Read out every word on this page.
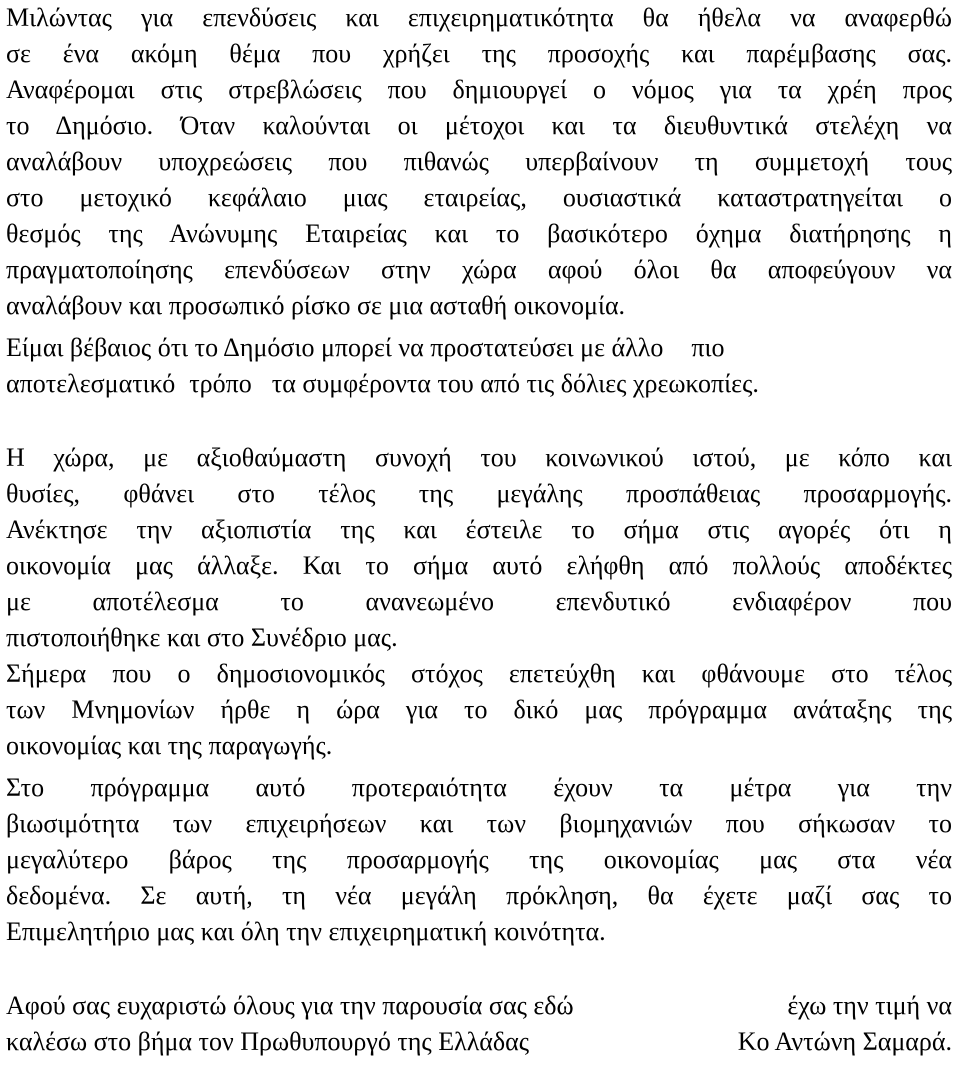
Μιλώντας για επενδύσεις και επιχειρηματικότητα θα ήθελα να αναφερθώ
σε ένα ακόμη θέμα που χρήζει της προσοχής και παρέμβασης σας.
Αναφέρομαι στις στρεβλώσεις που δημιουργεί ο νόμος για τα χρέη προς
το Δημόσιο. Όταν καλούνται οι μέτοχοι και τα διευθυντικά στελέχη να
αναλάβουν υποχρεώσεις που πιθανώς υπερβαίνουν τη συμμετοχή τους
στο μετοχικό κεφάλαιο μιας εταιρείας, ουσιαστικά καταστρατηγείται ο
θεσμός της Ανώνυμης Εταιρείας και το βασικότερο όχημα διατήρησης η
πραγματοποίησης επενδύσεων στην χώρα αφού όλοι θα αποφεύγουν να
αναλάβουν και προσωπικό ρίσκο σε μια ασταθή οικονομία.
Είμαι βέβαιος ότι το Δημόσιο μπορεί να προστατεύσει με άλλο πιο
αποτελεσματικό τρόπο τα συμφέροντα του από τις δόλιες χρεωκοπίες.
Η χώρα, με αξιοθαύμαστη συνοχή του κοινωνικού ιστού, με κόπο και
θυσίες, φθάνει στο τέλος της μεγάλης προσπάθειας προσαρμογής.
Ανέκτησε την αξιοπιστία της και έστειλε το σήμα στις αγορές ότι η
οικονομία μας άλλαξε. Και το σήμα αυτό ελήφθη από πολλούς αποδέκτες
με αποτέλεσμα το ανανεωμένο επενδυτικό ενδιαφέρον που
πιστοποιήθηκε και στο Συνέδριο μας.
Σήμερα που ο δημοσιονομικός στόχος επετεύχθη και φθάνουμε στο τέλος
των Μνημονίων ήρθε η ώρα για το δικό μας πρόγραμμα ανάταξης της
οικονομίας και της παραγωγής.
Στο πρόγραμμα αυτό προτεραιότητα έχουν τα μέτρα για την
βιωσιμότητα των επιχειρήσεων και των βιομηχανιών που σήκωσαν το
μεγαλύτερο βάρος της προσαρμογής της οικονομίας μας στα νέα
δεδομένα. Σε αυτή, τη νέα μεγάλη πρόκληση, θα έχετε μαζί σας το
Επιμελητήριο μας και όλη την επιχειρηματική κοινότητα.
Αφού σας ευχαριστώ όλους για την παρουσία σας εδώ	έχω την τιμή να
καλέσω στο βήμα τον Πρωθυπουργό της Ελλάδας	Κο Αντώνη Σαμαρά.
